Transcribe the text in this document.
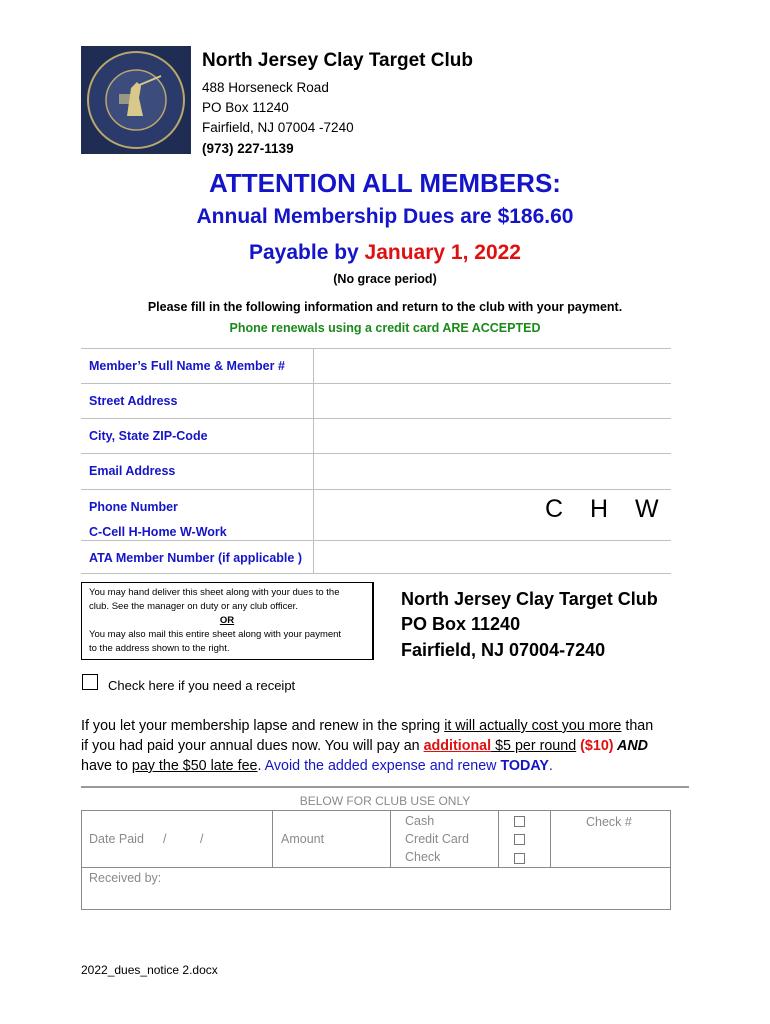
North Jersey Clay Target Club
488 Horseneck Road
PO Box 11240
Fairfield, NJ 07004 -7240
(973) 227-1139
ATTENTION ALL MEMBERS:
Annual Membership Dues are $186.60
Payable by January 1, 2022
(No grace period)
Please fill in the following information and return to the club with your payment.
Phone renewals using a credit card ARE ACCEPTED
Member’s Full Name & Member #
Street Address
City, State ZIP-Code
Email Address
Phone Number
C-Cell H-Home W-Work
ATA Member Number (if applicable )
C H W
You may hand deliver this sheet along with your dues to the
club. See the manager on duty or any club officer.
OR
You may also mail this entire sheet along with your payment
to the address shown to the right.
North Jersey Clay Target Club
PO Box 11240
Fairfield, NJ 07004-7240
Check here if you need a receipt
If you let your membership lapse and renew in the spring it will actually cost you more than
if you had paid your annual dues now. You will pay an additional $5 per round ($10) AND
have to pay the $50 late fee. Avoid the added expense and renew TODAY.
BELOW FOR CLUB USE ONLY
Date Paid /	/	Amount
Cash
Credit Card
Check
Check #
Received by:
2022_dues_notice 2.docx
